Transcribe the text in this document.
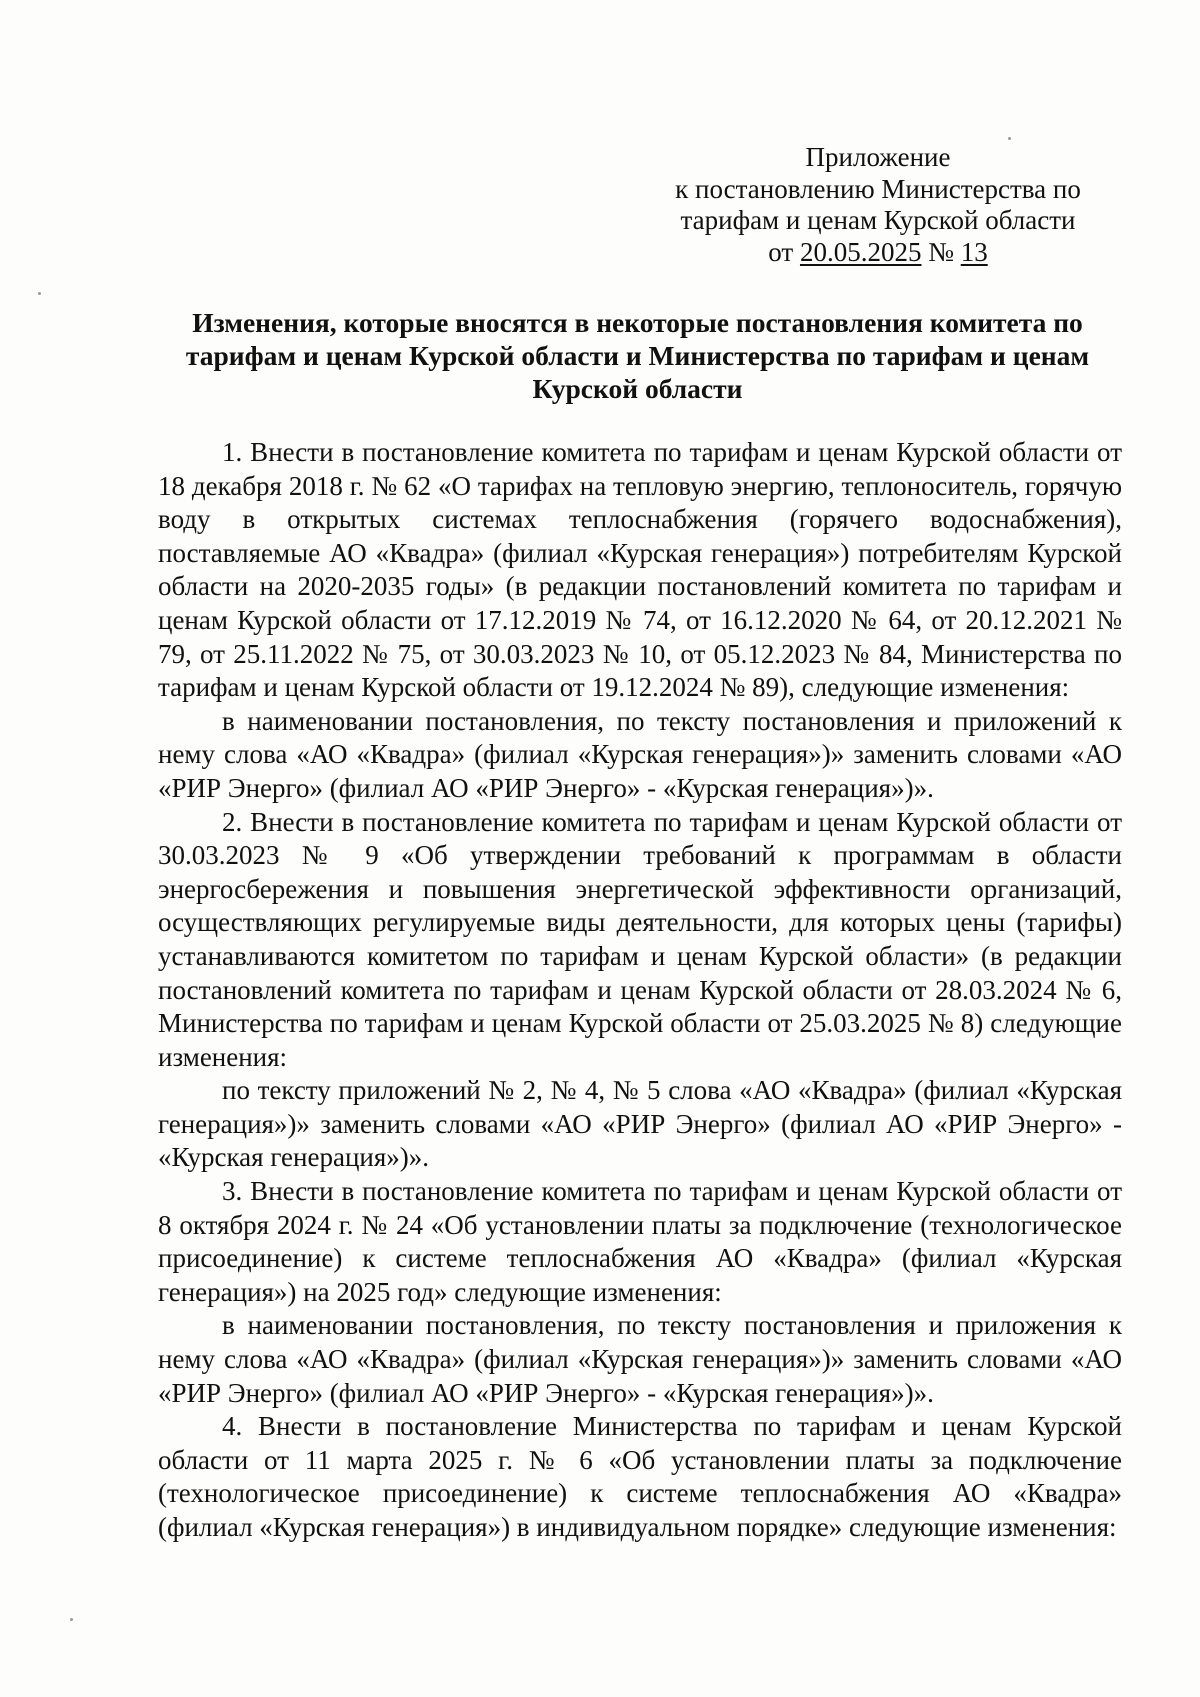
Приложение
к постановлению Министерства по
тарифам и ценам Курской области
от 20.05.2025 № 13
Изменения, которые вносятся в некоторые постановления комитета по тарифам и ценам Курской области и Министерства по тарифам и ценам Курской области

1. Внести в постановление комитета по тарифам и ценам Курской области от 18 декабря 2018 г. № 62 «О тарифах на тепловую энергию, теплоноситель, горячую воду в открытых системах теплоснабжения (горячего водоснабжения), поставляемые АО «Квадра» (филиал «Курская генерация») потребителям Курской области на 2020-2035 годы» (в редакции постановлений комитета по тарифам и ценам Курской области от 17.12.2019 № 74, от 16.12.2020 № 64, от 20.12.2021 № 79, от 25.11.2022 № 75, от 30.03.2023 № 10, от 05.12.2023 № 84, Министерства по тарифам и ценам Курской области от 19.12.2024 № 89), следующие изменения:

в наименовании постановления, по тексту постановления и приложений к нему слова «АО «Квадра» (филиал «Курская генерация»)» заменить словами «АО «РИР Энерго» (филиал АО «РИР Энерго» - «Курская генерация»)».

2. Внести в постановление комитета по тарифам и ценам Курской области от 30.03.2023 № 9 «Об утверждении требований к программам в области энергосбережения и повышения энергетической эффективности организаций, осуществляющих регулируемые виды деятельности, для которых цены (тарифы) устанавливаются комитетом по тарифам и ценам Курской области» (в редакции постановлений комитета по тарифам и ценам Курской области от 28.03.2024 № 6, Министерства по тарифам и ценам Курской области от 25.03.2025 № 8) следующие изменения:

по тексту приложений № 2, № 4, № 5 слова «АО «Квадра» (филиал «Курская генерация»)» заменить словами «АО «РИР Энерго» (филиал АО «РИР Энерго» - «Курская генерация»)».

3. Внести в постановление комитета по тарифам и ценам Курской области от 8 октября 2024 г. № 24 «Об установлении платы за подключение (технологическое присоединение) к системе теплоснабжения АО «Квадра» (филиал «Курская генерация») на 2025 год» следующие изменения:

в наименовании постановления, по тексту постановления и приложения к нему слова «АО «Квадра» (филиал «Курская генерация»)» заменить словами «АО «РИР Энерго» (филиал АО «РИР Энерго» - «Курская генерация»)».

4. Внести в постановление Министерства по тарифам и ценам Курской области от 11 марта 2025 г. № 6 «Об установлении платы за подключение (технологическое присоединение) к системе теплоснабжения АО «Квадра» (филиал «Курская генерация») в индивидуальном порядке» следующие изменения:
